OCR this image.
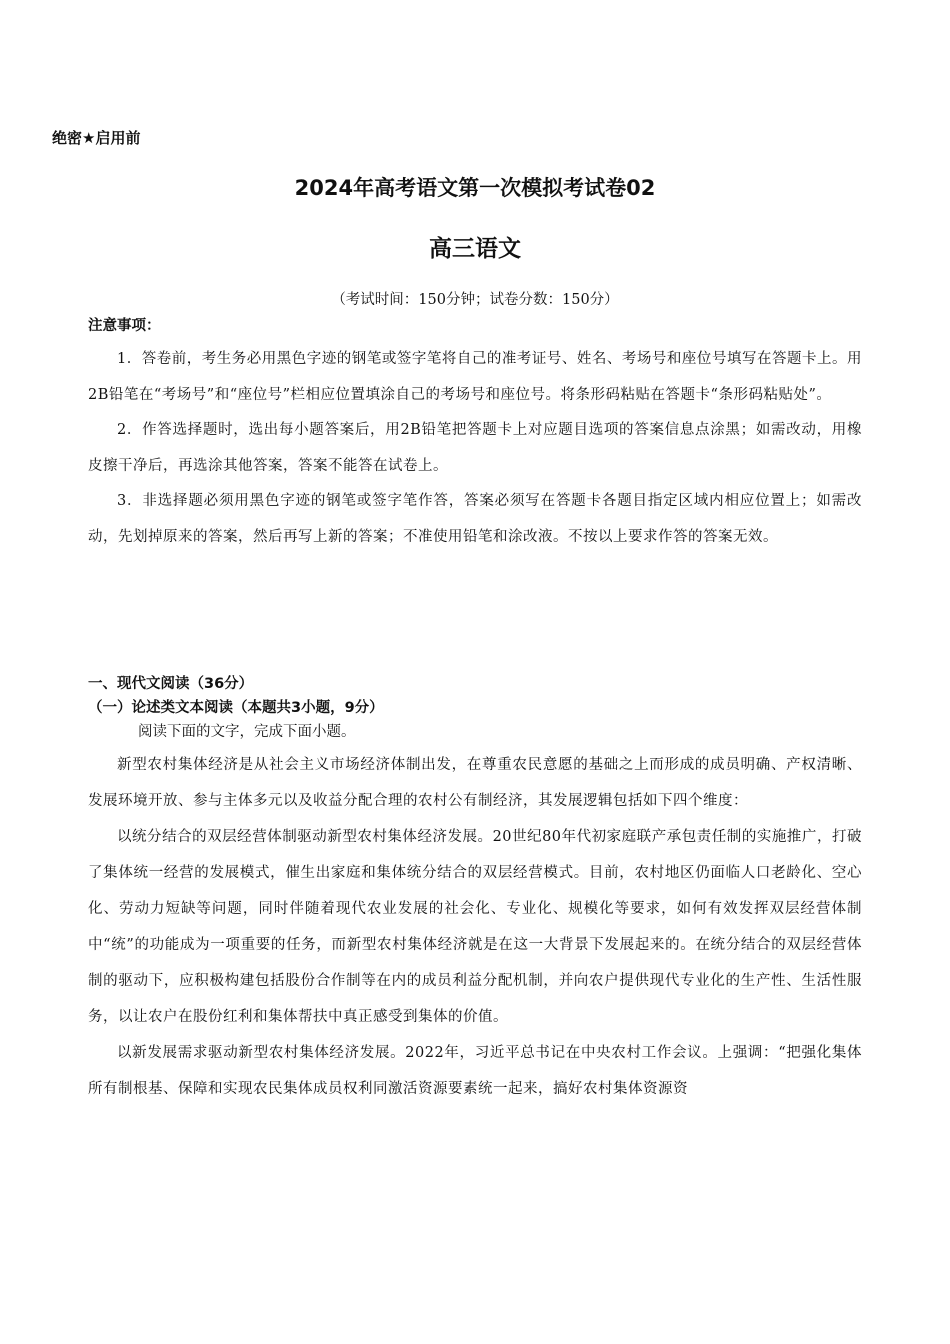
绝密★启用前
2024年高考语文第一次模拟考试卷02
高三语文
（考试时间：150分钟；试卷分数：150分）
注意事项：

1．答卷前，考生务必用黑色字迹的钢笔或签字笔将自己的准考证号、姓名、考场号和座位号填写在答题卡上。用2B铅笔在“考场号”和“座位号”栏相应位置填涂自己的考场号和座位号。将条形码粘贴在答题卡“条形码粘贴处”。

2．作答选择题时，选出每小题答案后，用2B铅笔把答题卡上对应题目选项的答案信息点涂黑；如需改动，用橡皮擦干净后，再选涂其他答案，答案不能答在试卷上。

3．非选择题必须用黑色字迹的钢笔或签字笔作答，答案必须写在答题卡各题目指定区域内相应位置上；如需改动，先划掉原来的答案，然后再写上新的答案；不准使用铅笔和涂改液。不按以上要求作答的答案无效。

一、现代文阅读（36分）
（一）论述类文本阅读（本题共3小题，9分）
阅读下面的文字，完成下面小题。

新型农村集体经济是从社会主义市场经济体制出发，在尊重农民意愿的基础之上而形成的成员明确、产权清晰、发展环境开放、参与主体多元以及收益分配合理的农村公有制经济，其发展逻辑包括如下四个维度：

以统分结合的双层经营体制驱动新型农村集体经济发展。20世纪80年代初家庭联产承包责任制的实施推广，打破了集体统一经营的发展模式，催生出家庭和集体统分结合的双层经营模式。目前，农村地区仍面临人口老龄化、空心化、劳动力短缺等问题，同时伴随着现代农业发展的社会化、专业化、规模化等要求，如何有效发挥双层经营体制中“统”的功能成为一项重要的任务，而新型农村集体经济就是在这一大背景下发展起来的。在统分结合的双层经营体制的驱动下，应积极构建包括股份合作制等在内的成员利益分配机制，并向农户提供现代专业化的生产性、生活性服务，以让农户在股份红利和集体帮扶中真正感受到集体的价值。

以新发展需求驱动新型农村集体经济发展。2022年，习近平总书记在中央农村工作会议。上强调：“把强化集体所有制根基、保障和实现农民集体成员权利同激活资源要素统一起来，搞好农村集体资源资
